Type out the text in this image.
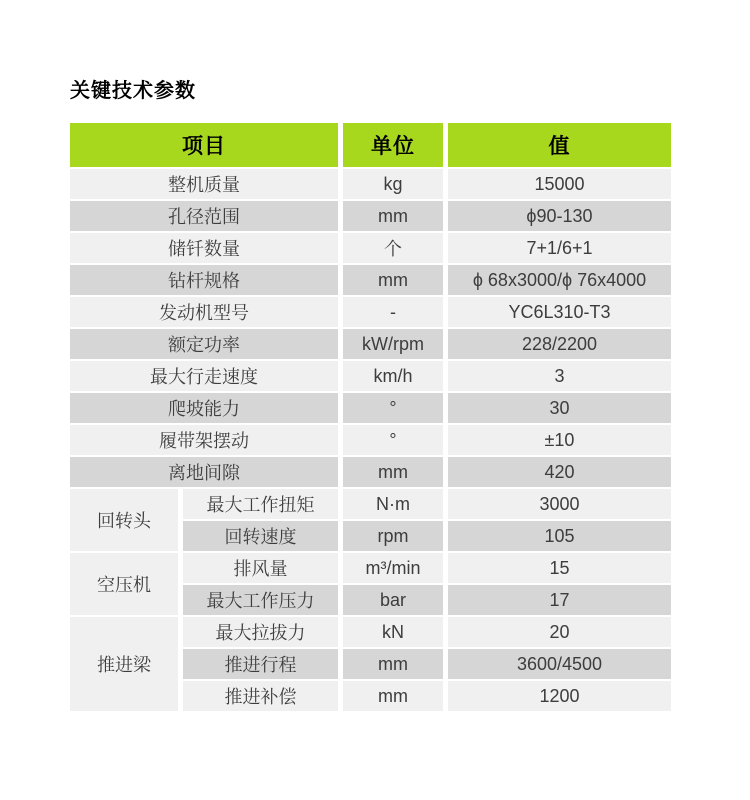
关键技术参数
项目		单位	值
整机质量		kg	15000
孔径范围		mm	ϕ90-130
储钎数量		个	7+1/6+1
钻杆规格		mm	ϕ 68x3000/ϕ 76x4000
发动机型号		-	YC6L310-T3
额定功率		kW/rpm	228/2200
最大行走速度		km/h	3
爬坡能力		°	30
履带架摆动		°	±10
离地间隙		mm	420
回转头	最大工作扭矩	N·m	3000
	回转速度	rpm	105
空压机	排风量	m³/min	15
	最大工作压力	bar	17
推进梁	最大拉拔力	kN	20
	推进行程	mm	3600/4500
	推进补偿	mm	1200
